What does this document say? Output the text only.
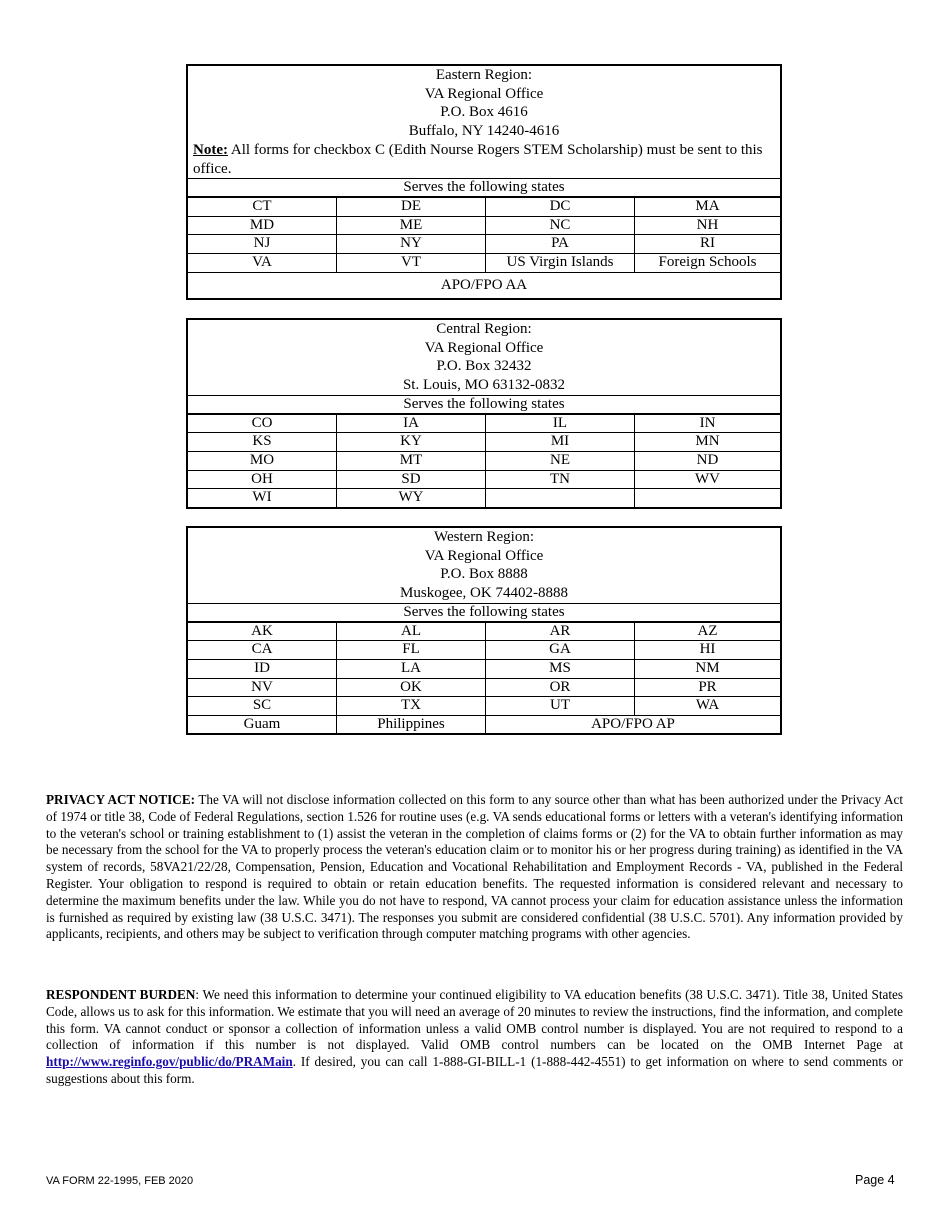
Eastern Region:
VA Regional Office
P.O. Box 4616
Buffalo, NY 14240-4616
Note: All forms for checkbox C (Edith Nourse Rogers STEM Scholarship) must be sent to this office.
Serves the following states
CT	DE	DC	MA
MD	ME	NC	NH
NJ	NY	PA	RI
VA	VT	US Virgin Islands	Foreign Schools
APO/FPO AA
Central Region:
VA Regional Office
P.O. Box 32432
St. Louis, MO 63132-0832
Serves the following states
CO	IA	IL	IN
KS	KY	MI	MN
MO	MT	NE	ND
OH	SD	TN	WV
WI	WY
Western Region:
VA Regional Office
P.O. Box 8888
Muskogee, OK 74402-8888
Serves the following states
AK	AL	AR	AZ
CA	FL	GA	HI
ID	LA	MS	NM
NV	OK	OR	PR
SC	TX	UT	WA
Guam	Philippines	APO/FPO AP
PRIVACY ACT NOTICE: The VA will not disclose information collected on this form to any source other than what has been authorized under the Privacy Act of 1974 or title 38, Code of Federal Regulations, section 1.526 for routine uses (e.g. VA sends educational forms or letters with a veteran's identifying information to the veteran's school or training establishment to (1) assist the veteran in the completion of claims forms or (2) for the VA to obtain further information as may be necessary from the school for the VA to properly process the veteran's education claim or to monitor his or her progress during training) as identified in the VA system of records, 58VA21/22/28, Compensation, Pension, Education and Vocational Rehabilitation and Employment Records - VA, published in the Federal Register. Your obligation to respond is required to obtain or retain education benefits. The requested information is considered relevant and necessary to determine the maximum benefits under the law. While you do not have to respond, VA cannot process your claim for education assistance unless the information is furnished as required by existing law (38 U.S.C. 3471). The responses you submit are considered confidential (38 U.S.C. 5701). Any information provided by applicants, recipients, and others may be subject to verification through computer matching programs with other agencies.
RESPONDENT BURDEN: We need this information to determine your continued eligibility to VA education benefits (38 U.S.C. 3471). Title 38, United States Code, allows us to ask for this information. We estimate that you will need an average of 20 minutes to review the instructions, find the information, and complete this form. VA cannot conduct or sponsor a collection of information unless a valid OMB control number is displayed. You are not required to respond to a collection of information if this number is not displayed. Valid OMB control numbers can be located on the OMB Internet Page at http://www.reginfo.gov/public/do/PRAMain. If desired, you can call 1-888-GI-BILL-1 (1-888-442-4551) to get information on where to send comments or suggestions about this form.
VA FORM 22-1995, FEB 2020	Page 4
